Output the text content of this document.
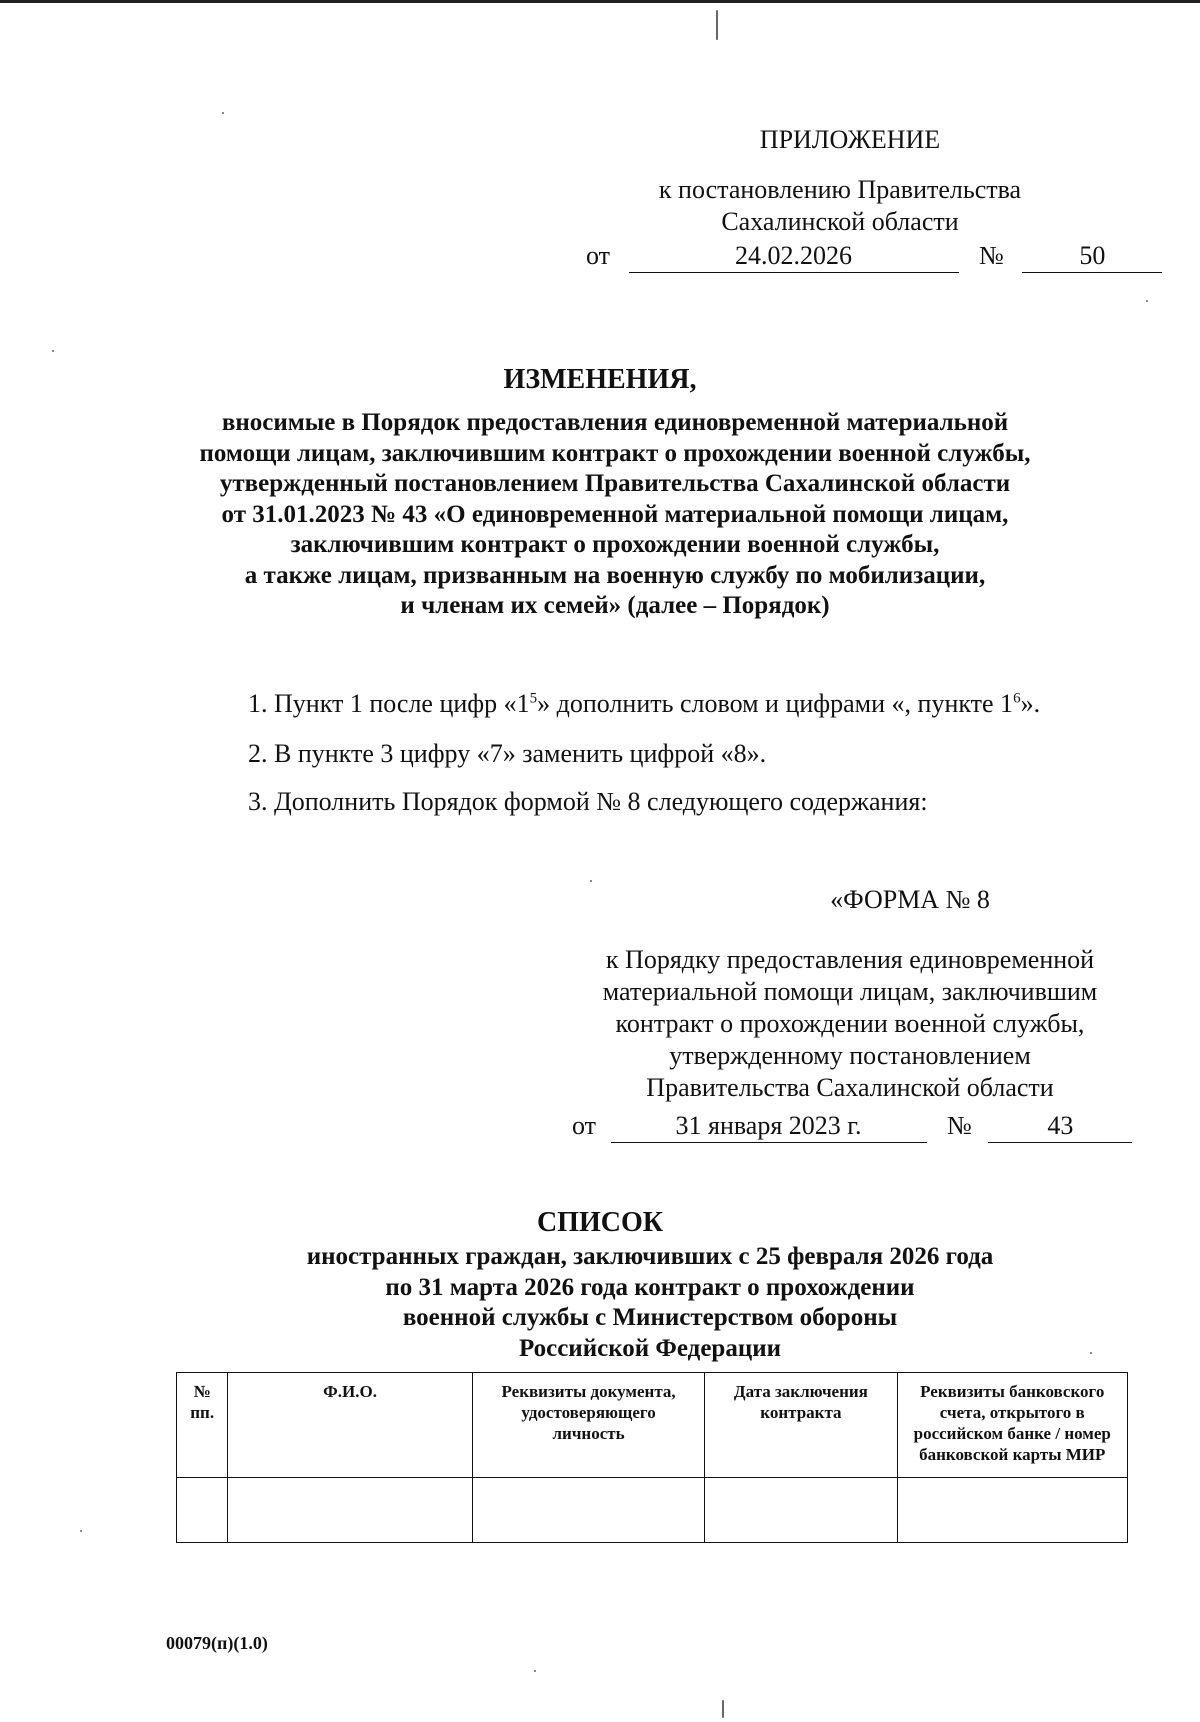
ПРИЛОЖЕНИЕ
к постановлению Правительства
Сахалинской области
от	24.02.2026	№	50
ИЗМЕНЕНИЯ,
вносимые в Порядок предоставления единовременной материальной
помощи лицам, заключившим контракт о прохождении военной службы,
утвержденный постановлением Правительства Сахалинской области
от 31.01.2023 № 43 «О единовременной материальной помощи лицам,
заключившим контракт о прохождении военной службы,
а также лицам, призванным на военную службу по мобилизации,
и членам их семей» (далее – Порядок)
1. Пункт 1 после цифр «$1^5$» дополнить словом и цифрами «, пункте $1^6$».
2. В пункте 3 цифру «7» заменить цифрой «8».
3. Дополнить Порядок формой № 8 следующего содержания:
«ФОРМА № 8
к Порядку предоставления единовременной
материальной помощи лицам, заключившим
контракт о прохождении военной службы,
утвержденному постановлением
Правительства Сахалинской области
от	31 января 2023 г.	№	43
СПИСОК
иностранных граждан, заключивших с 25 февраля 2026 года
по 31 марта 2026 года контракт о прохождении
военной службы с Министерством обороны
Российской Федерации
№ пп.	Ф.И.О.	Реквизиты документа, удостоверяющего личность	Дата заключения контракта	Реквизиты банковского счета, открытого в российском банке / номер банковской карты МИР

00079(п)(1.0)
